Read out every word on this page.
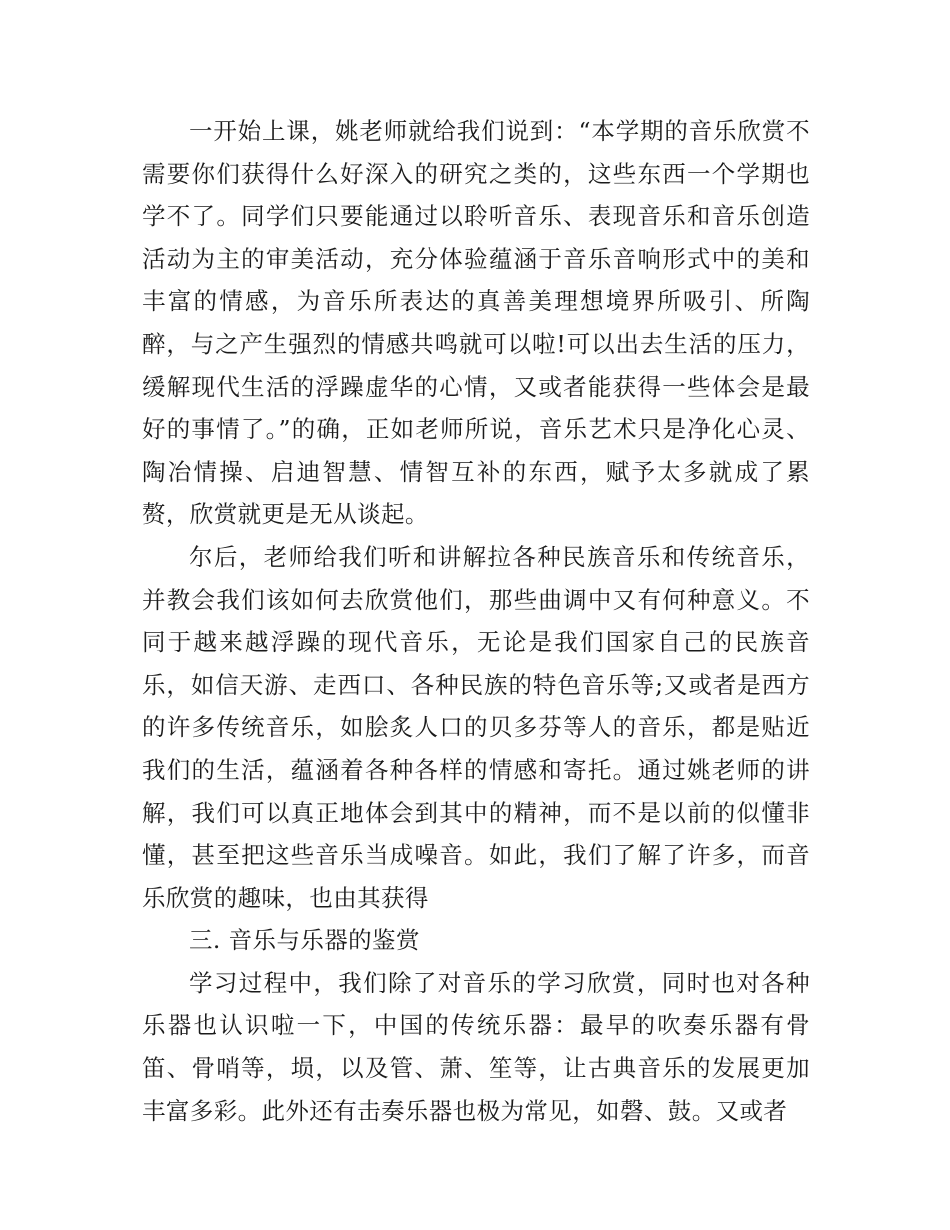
一开始上课，姚老师就给我们说到：“本学期的音乐欣赏不需要你们获得什么好深入的研究之类的，这些东西一个学期也学不了。同学们只要能通过以聆听音乐、表现音乐和音乐创造活动为主的审美活动，充分体验蕴涵于音乐音响形式中的美和丰富的情感，为音乐所表达的真善美理想境界所吸引、所陶醉，与之产生强烈的情感共鸣就可以啦!可以出去生活的压力，缓解现代生活的浮躁虚华的心情，又或者能获得一些体会是最好的事情了。”的确，正如老师所说，音乐艺术只是净化心灵、陶冶情操、启迪智慧、情智互补的东西，赋予太多就成了累赘，欣赏就更是无从谈起。

尔后，老师给我们听和讲解拉各种民族音乐和传统音乐，并教会我们该如何去欣赏他们，那些曲调中又有何种意义。不同于越来越浮躁的现代音乐，无论是我们国家自己的民族音乐，如信天游、走西口、各种民族的特色音乐等;又或者是西方的许多传统音乐，如脍炙人口的贝多芬等人的音乐，都是贴近我们的生活，蕴涵着各种各样的情感和寄托。通过姚老师的讲解，我们可以真正地体会到其中的精神，而不是以前的似懂非懂，甚至把这些音乐当成噪音。如此，我们了解了许多，而音乐欣赏的趣味，也由其获得

三. 音乐与乐器的鉴赏

学习过程中，我们除了对音乐的学习欣赏，同时也对各种乐器也认识啦一下，中国的传统乐器：最早的吹奏乐器有骨笛、骨哨等，埙，以及管、萧、笙等，让古典音乐的发展更加丰富多彩。此外还有击奏乐器也极为常见，如磬、鼓。又或者
